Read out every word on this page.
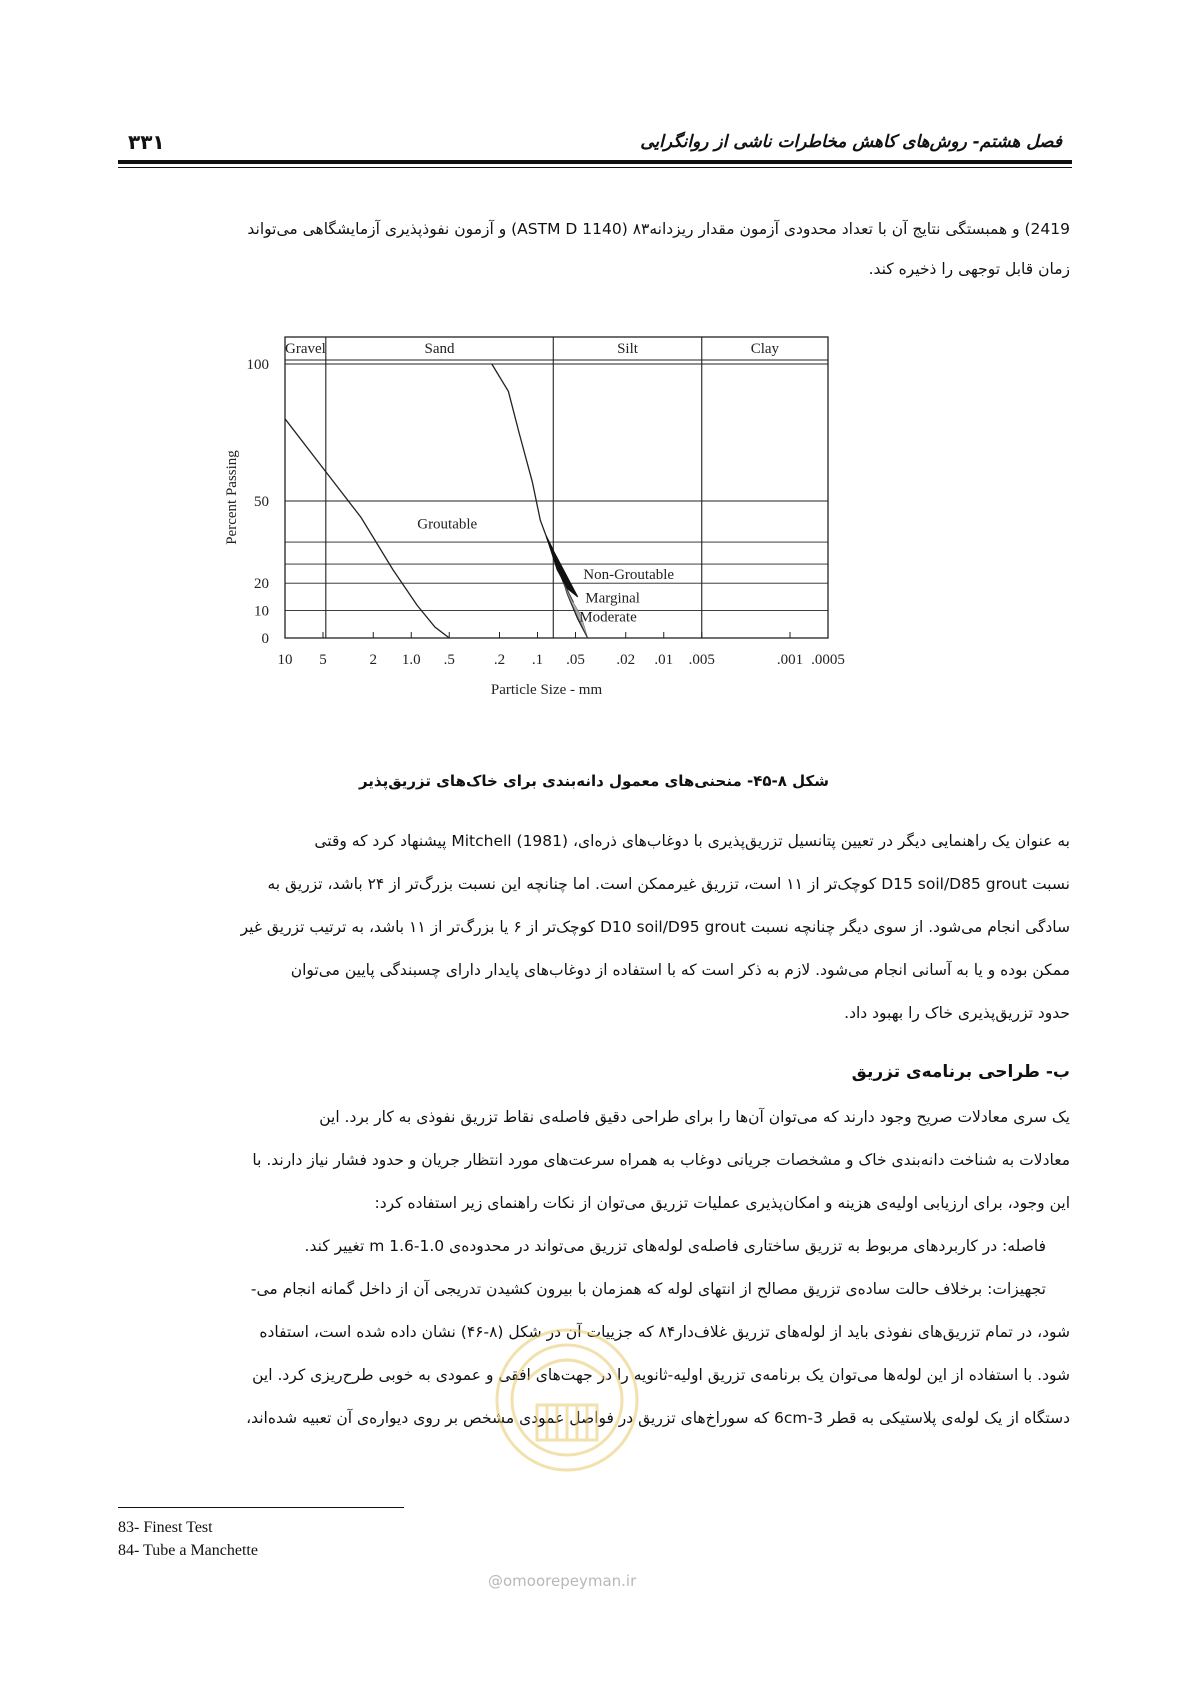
فصل هشتم- روش‌های کاهش مخاطرات ناشی از روانگرایی
۳۳۱
2419) و همبستگی نتایج آن با تعداد محدودی آزمون مقدار ریزدانه۸۳ (ASTM D 1140) و آزمون نفوذپذیری آزمایشگاهی می‌تواند
زمان قابل توجهی را ذخیره کند.
Gravel	Sand	Silt	Clay
0
10
20
50
100
10 5	2 1.0 .5	.2 .1 .05 .02 .01 .005	.001 .0005
Particle Size - mm
Percent Passing	Groutable
Non-Groutable
Marginal
Moderate
شکل ۸-۴۵- منحنی‌های معمول دانه‌بندی برای خاک‌های تزریق‌پذیر
به عنوان یک راهنمایی دیگر در تعیین پتانسیل تزریق‌پذیری با دوغاب‌های ذره‌ای، Mitchell (1981) پیشنهاد کرد که وقتی
نسبت D15 soil/D85 grout کوچک‌تر از ۱۱ است، تزریق غیرممکن است. اما چنانچه این نسبت بزرگ‌تر از ۲۴ باشد، تزریق به
سادگی انجام می‌شود. از سوی دیگر چنانچه نسبت D10 soil/D95 grout کوچک‌تر از ۶ یا بزرگ‌تر از ۱۱ باشد، به ترتیب تزریق غیر
ممکن بوده و یا به آسانی انجام می‌شود. لازم به ذکر است که با استفاده از دوغاب‌های پایدار دارای چسبندگی پایین می‌توان
حدود تزریق‌پذیری خاک را بهبود داد.
ب- طراحی برنامه‌ی تزریق
یک سری معادلات صریح وجود دارند که می‌توان آن‌ها را برای طراحی دقیق فاصله‌ی نقاط تزریق نفوذی به کار برد. این
معادلات به شناخت دانه‌بندی خاک و مشخصات جریانی دوغاب به همراه سرعت‌های مورد انتظار جریان و حدود فشار نیاز دارند. با
این وجود، برای ارزیابی اولیه‌ی هزینه و امکان‌پذیری عملیات تزریق می‌توان از نکات راهنمای زیر استفاده کرد:
فاصله: در کاربردهای مربوط به تزریق ساختاری فاصله‌ی لوله‌های تزریق می‌تواند در محدوده‌ی 1.0-1.6 m تغییر کند.
تجهیزات: برخلاف حالت ساده‌ی تزریق مصالح از انتهای لوله که همزمان با بیرون کشیدن تدریجی آن از داخل گمانه انجام می-
شود، در تمام تزریق‌های نفوذی باید از لوله‌های تزریق غلاف‌دار۸۴ که جزییات آن در شکل (۸-۴۶) نشان داده شده است، استفاده
شود. با استفاده از این لوله‌ها می‌توان یک برنامه‌ی تزریق اولیه-ثانویه را در جهت‌های افقی و عمودی به خوبی طرح‌ریزی کرد. این
دستگاه از یک لوله‌ی پلاستیکی به قطر 3-6cm که سوراخ‌های تزریق در فواصل عمودی مشخص بر روی دیواره‌ی آن تعبیه شده‌اند،
@omoorepeyman.ir
83- Finest Test
84- Tube a Manchette
